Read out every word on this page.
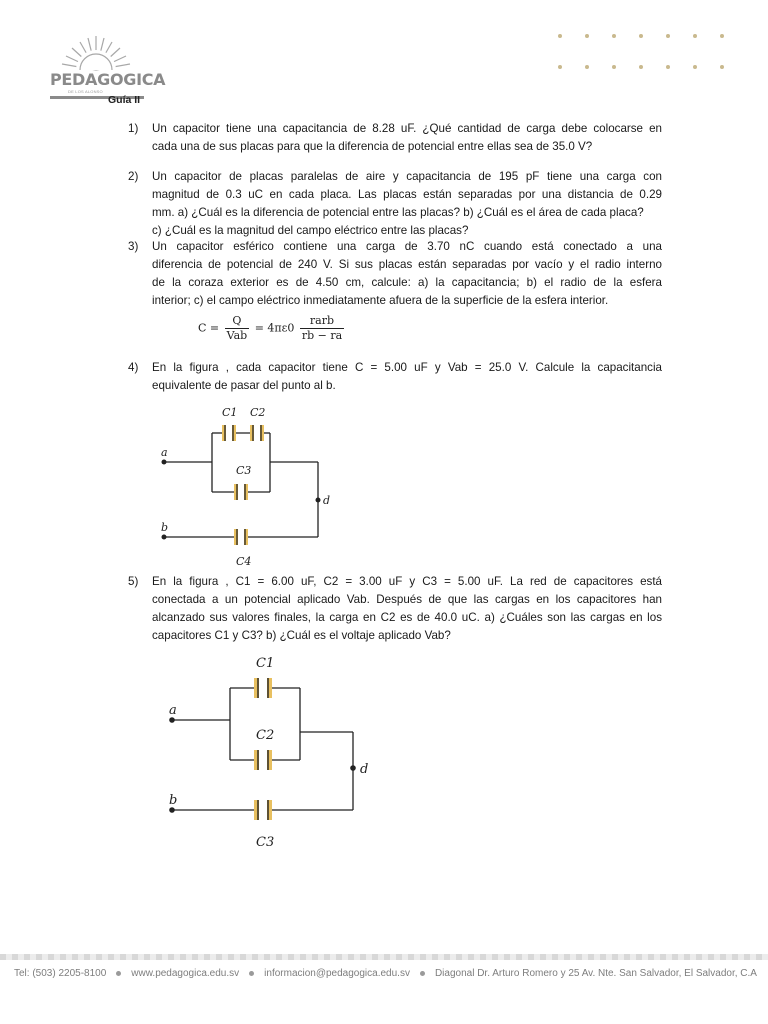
PEDAGOGICA
DE LOS ALONSO
Guía II
1)	Un capacitor tiene una capacitancia de 8.28 uF. ¿Qué cantidad de carga debe colocarse en
cada una de sus placas para que la diferencia de potencial entre ellas sea de 35.0 V?
2)	Un capacitor de placas paralelas de aire y capacitancia de 195 pF tiene una carga con
magnitud de 0.3 uC en cada placa. Las placas están separadas por una distancia de 0.29
mm. a) ¿Cuál es la diferencia de potencial entre las placas? b) ¿Cuál es el área de cada placa?
c) ¿Cuál es la magnitud del campo eléctrico entre las placas?
3)	Un capacitor esférico contiene una carga de 3.70 nC cuando está conectado a una
diferencia de potencial de 240 V. Si sus placas están separadas por vacío y el radio interno
de la coraza exterior es de 4.50 cm, calcule: a) la capacitancia; b) el radio de la esfera
interior; c) el campo eléctrico inmediatamente afuera de la superficie de la esfera interior.
$C = \frac{Q}{\text{Vab}} = 4\pi\varepsilon 0 \frac{\text{rarb}}{rb - ra}$
4)	En la figura , cada capacitor tiene C = 5.00 uF y Vab = 25.0 V. Calcule la capacitancia
equivalente de pasar del punto al b.
C1 C2
C3
C4
a
b
d
5)	En la figura , C1 = 6.00 uF, C2 = 3.00 uF y C3 = 5.00 uF. La red de capacitores está
conectada a un potencial aplicado Vab. Después de que las cargas en los capacitores han
alcanzado sus valores finales, la carga en C2 es de 40.0 uC. a) ¿Cuáles son las cargas en los
capacitores C1 y C3? b) ¿Cuál es el voltaje aplicado Vab?
C1
C2
C3
a
b
d
Tel: (503) 2205-8100	www.pedagogica.edu.sv	informacion@pedagogica.edu.sv	Diagonal Dr. Arturo Romero y 25 Av. Nte. San Salvador, El Salvador, C.A
